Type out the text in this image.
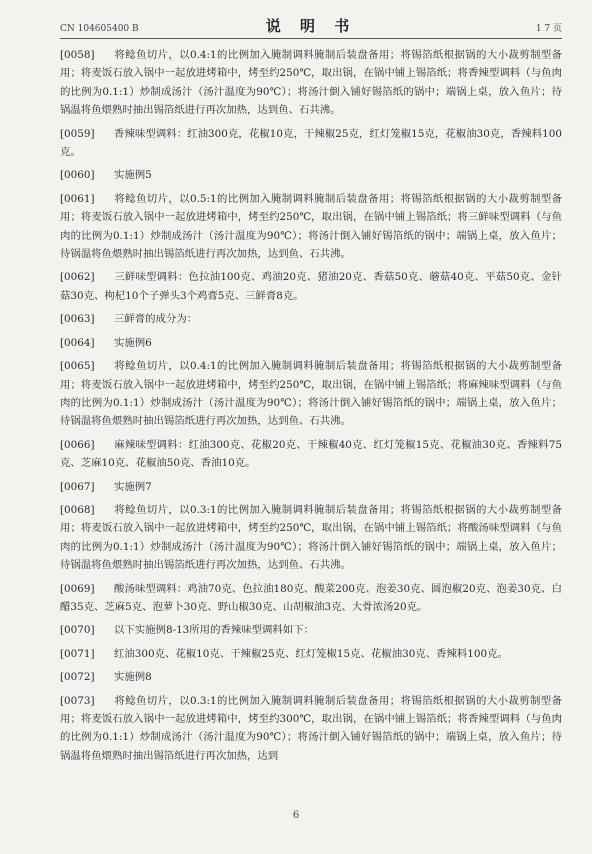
CN 104605400 B	说 明 书	1 7 页
[0058] 将鲶鱼切片，以0.4:1的比例加入腌制调料腌制后装盘备用；将锡箔纸根据锅的大小裁剪制型备用；将麦饭石放入锅中一起放进烤箱中，烤至约250℃，取出锅，在锅中铺上锡箔纸；将香辣型调料（与鱼肉的比例为0.1:1）炒制成汤汁（汤汁温度为90℃）；将汤汁倒入铺好锡箔纸的锅中；端锅上桌，放入鱼片；待锅温将鱼煨熟时抽出锡箔纸进行再次加热，达到鱼、石共沸。
[0059] 香辣味型调料：红油300克，花椒10克，干辣椒25克，红灯笼椒15克，花椒油30克，香辣料100克。
[0060] 实施例5
[0061] 将鲶鱼切片，以0.5:1的比例加入腌制调料腌制后装盘备用；将锡箔纸根据锅的大小裁剪制型备用；将麦饭石放入锅中一起放进烤箱中，烤至约250℃，取出锅，在锅中铺上锡箔纸；将三鲜味型调料（与鱼肉的比例为0.1:1）炒制成汤汁（汤汁温度为90℃）；将汤汁倒入铺好锡箔纸的锅中；端锅上桌，放入鱼片；待锅温将鱼煨熟时抽出锡箔纸进行再次加热，达到鱼、石共沸。
[0062] 三鲜味型调料：色拉油100克、鸡油20克、猪油20克、香菇50克、蘑菇40克、平菇50克、金针菇30克、枸杞10个子弹头3个鸡膏5克、三鲜膏8克。
[0063] 三鲜膏的成分为：
[0064] 实施例6
[0065] 将鲶鱼切片，以0.4:1的比例加入腌制调料腌制后装盘备用；将锡箔纸根据锅的大小裁剪制型备用；将麦饭石放入锅中一起放进烤箱中，烤至约250℃，取出锅，在锅中铺上锡箔纸；将麻辣味型调料（与鱼肉的比例为0.1:1）炒制成汤汁（汤汁温度为90℃）；将汤汁倒入铺好锡箔纸的锅中；端锅上桌，放入鱼片；待锅温将鱼煨熟时抽出锡箔纸进行再次加热，达到鱼、石共沸。
[0066] 麻辣味型调料：红油300克、花椒20克、干辣椒40克、红灯笼椒15克、花椒油30克、香辣料75克、芝麻10克、花椒油50克、香油10克。
[0067] 实施例7
[0068] 将鲶鱼切片，以0.3:1的比例加入腌制调料腌制后装盘备用；将锡箔纸根据锅的大小裁剪制型备用；将麦饭石放入锅中一起放进烤箱中，烤至约250℃，取出锅，在锅中铺上锡箔纸；将酸汤味型调料（与鱼肉的比例为0.1:1）炒制成汤汁（汤汁温度为90℃）；将汤汁倒入铺好锡箔纸的锅中；端锅上桌，放入鱼片；待锅温将鱼煨熟时抽出锡箔纸进行再次加热，达到鱼、石共沸。
[0069] 酸汤味型调料：鸡油70克、色拉油180克、酸菜200克、泡姜30克、圆泡椒20克、泡姜30克、白醋35克、芝麻5克、泡萝卜30克、野山椒30克、山胡椒油3克、大骨浓汤20克。
[0070] 以下实施例8-13所用的香辣味型调料如下：
[0071] 红油300克、花椒10克、干辣椒25克、红灯笼椒15克、花椒油30克、香辣料100克。
[0072] 实施例8
[0073] 将鲶鱼切片，以0.3:1的比例加入腌制调料腌制后装盘备用；将锡箔纸根据锅的大小裁剪制型备用；将麦饭石放入锅中一起放进烤箱中，烤至约300℃，取出锅，在锅中铺上锡箔纸；将香辣型调料（与鱼肉的比例为0.1:1）炒制成汤汁（汤汁温度为90℃）；将汤汁倒入铺好锡箔纸的锅中；端锅上桌，放入鱼片；待锅温将鱼煨熟时抽出锡箔纸进行再次加热，达到
6
